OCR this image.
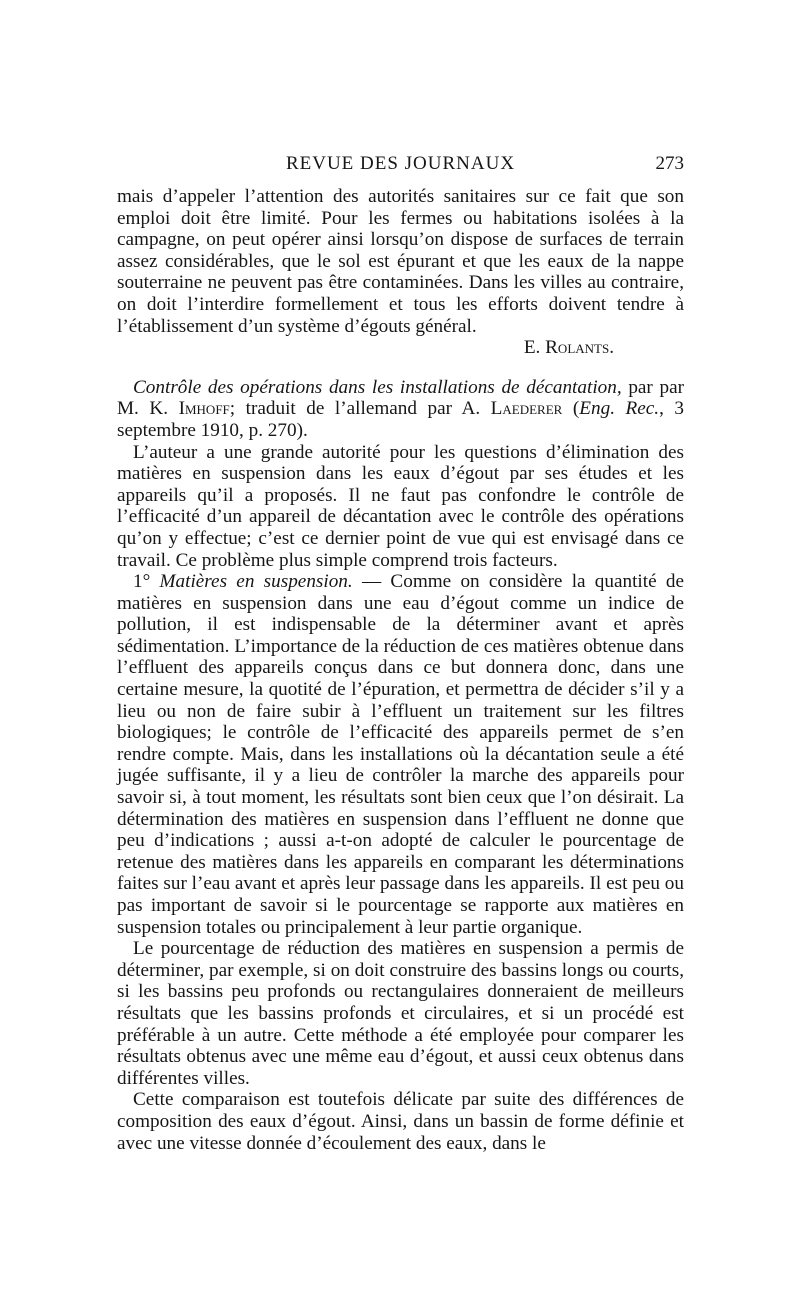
REVUE DES JOURNAUX	273

mais d’appeler l’attention des autorités sanitaires sur ce fait que son emploi doit être limité. Pour les fermes ou habitations isolées à la campagne, on peut opérer ainsi lorsqu’on dispose de surfaces de terrain assez considérables, que le sol est épurant et que les eaux de la nappe souterraine ne peuvent pas être contaminées. Dans les villes au contraire, on doit l’interdire formellement et tous les efforts doivent tendre à l’établissement d’un système d’égouts général.

E. Rolants.

Contrôle des opérations dans les installations de décantation, par par M. K. Imhoff; traduit de l’allemand par A. Laederer (Eng. Rec., 3 septembre 1910, p. 270).

L’auteur a une grande autorité pour les questions d’élimination des matières en suspension dans les eaux d’égout par ses études et les appareils qu’il a proposés. Il ne faut pas confondre le contrôle de l’efficacité d’un appareil de décantation avec le contrôle des opérations qu’on y effectue; c’est ce dernier point de vue qui est envisagé dans ce travail. Ce problème plus simple comprend trois facteurs.

1° Matières en suspension. — Comme on considère la quantité de matières en suspension dans une eau d’égout comme un indice de pollution, il est indispensable de la déterminer avant et après sédimentation. L’importance de la réduction de ces matières obtenue dans l’effluent des appareils conçus dans ce but donnera donc, dans une certaine mesure, la quotité de l’épuration, et permettra de décider s’il y a lieu ou non de faire subir à l’effluent un traitement sur les filtres biologiques; le contrôle de l’efficacité des appareils permet de s’en rendre compte. Mais, dans les installations où la décantation seule a été jugée suffisante, il y a lieu de contrôler la marche des appareils pour savoir si, à tout moment, les résultats sont bien ceux que l’on désirait. La détermination des matières en suspension dans l’effluent ne donne que peu d’indications ; aussi a-t-on adopté de calculer le pourcentage de retenue des matières dans les appareils en comparant les déterminations faites sur l’eau avant et après leur passage dans les appareils. Il est peu ou pas important de savoir si le pourcentage se rapporte aux matières en suspension totales ou principalement à leur partie organique.

Le pourcentage de réduction des matières en suspension a permis de déterminer, par exemple, si on doit construire des bassins longs ou courts, si les bassins peu profonds ou rectangulaires donneraient de meilleurs résultats que les bassins profonds et circulaires, et si un procédé est préférable à un autre. Cette méthode a été employée pour comparer les résultats obtenus avec une même eau d’égout, et aussi ceux obtenus dans différentes villes.

Cette comparaison est toutefois délicate par suite des différences de composition des eaux d’égout. Ainsi, dans un bassin de forme définie et avec une vitesse donnée d’écoulement des eaux, dans le
